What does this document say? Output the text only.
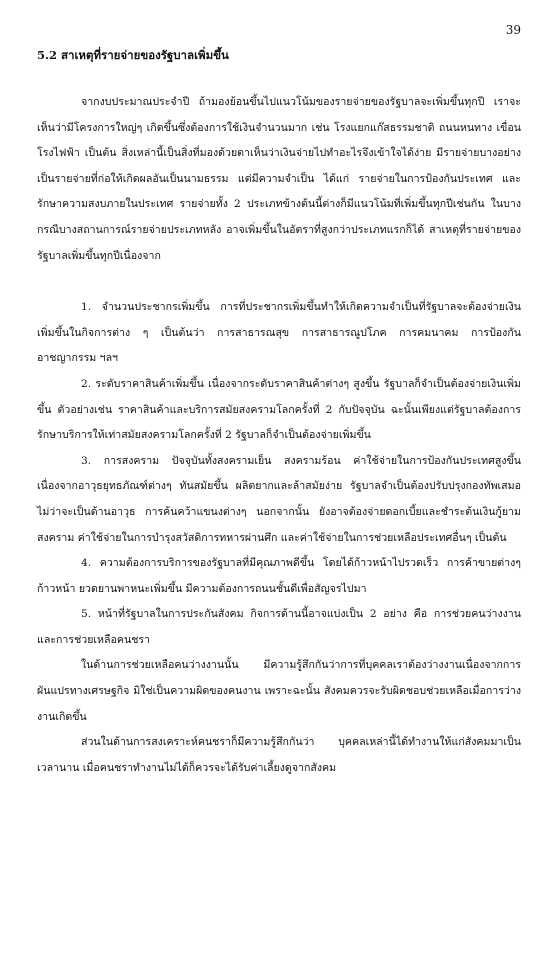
39
5.2 สาเหตุที่รายจ่ายของรัฐบาลเพิ่มขึ้น

จากงบประมาณประจำปี ถ้ามองย้อนขึ้นไปแนวโน้มของรายจ่ายของรัฐบาลจะเพิ่มขึ้นทุกปี เราจะเห็นว่ามีโครงการใหญ่ๆ เกิดขึ้นซึ่งต้องการใช้เงินจำนวนมาก เช่น โรงแยกแก๊สธรรมชาติ ถนนหนทาง เขื่อน โรงไฟฟ้า เป็นต้น สิ่งเหล่านี้เป็นสิ่งที่มองด้วยตาเห็นว่าเงินจ่ายไปทำอะไรจึงเข้าใจได้ง่าย มีรายจ่ายบางอย่างเป็นรายจ่ายที่ก่อให้เกิดผลอันเป็นนามธรรม แต่มีความจำเป็น ได้แก่ รายจ่ายในการป้องกันประเทศ และรักษาความสงบภายในประเทศ รายจ่ายทั้ง 2 ประเภทข้างต้นนี้ต่างก็มีแนวโน้มที่เพิ่มขึ้นทุกปีเช่นกัน ในบางกรณีบางสถานการณ์รายจ่ายประเภทหลัง อาจเพิ่มขึ้นในอัตราที่สูงกว่าประเภทแรกก็ได้ สาเหตุที่รายจ่ายของรัฐบาลเพิ่มขึ้นทุกปีเนื่องจาก

1. จำนวนประชากรเพิ่มขึ้น การที่ประชากรเพิ่มขึ้นทำให้เกิดความจำเป็นที่รัฐบาลจะต้องจ่ายเงินเพิ่มขึ้นในกิจการต่าง ๆ เป็นต้นว่า การสาธารณสุข การสาธารณูปโภค การคมนาคม การป้องกันอาชญากรรม ฯลฯ

2. ระดับราคาสินค้าเพิ่มขึ้น เนื่องจากระดับราคาสินค้าต่างๆ สูงขึ้น รัฐบาลก็จำเป็นต้องจ่ายเงินเพิ่มขึ้น ตัวอย่างเช่น ราคาสินค้าและบริการสมัยสงครามโลกครั้งที่ 2 กับปัจจุบัน ฉะนั้นเพียงแต่รัฐบาลต้องการรักษาบริการให้เท่าสมัยสงครามโลกครั้งที่ 2 รัฐบาลก็จำเป็นต้องจ่ายเพิ่มขึ้น

3. การสงคราม ปัจจุบันทั้งสงครามเย็น สงครามร้อน ค่าใช้จ่ายในการป้องกันประเทศสูงขึ้น เนื่องจากอาวุธยุทธภัณฑ์ต่างๆ ทันสมัยขึ้น ผลิตยากและล้าสมัยง่าย รัฐบาลจำเป็นต้องปรับปรุงกองทัพเสมอ ไม่ว่าจะเป็นด้านอาวุธ การค้นคว้าแขนงต่างๆ นอกจากนั้น ยังอาจต้องจ่ายดอกเบี้ยและชำระต้นเงินกู้ยามสงคราม ค่าใช้จ่ายในการบำรุงสวัสดิการทหารผ่านศึก และค่าใช้จ่ายในการช่วยเหลือประเทศอื่นๆ เป็นต้น

4. ความต้องการบริการของรัฐบาลที่มีคุณภาพดีขึ้น โดยได้ก้าวหน้าไปรวดเร็ว การค้าขายต่างๆ ก้าวหน้า ยวดยานพาหนะเพิ่มขึ้น มีความต้องการถนนชั้นดีเพื่อสัญจรไปมา

5. หน้าที่รัฐบาลในการประกันสังคม กิจการด้านนี้อาจแบ่งเป็น 2 อย่าง คือ การช่วยคนว่างงาน และการช่วยเหลือคนชรา

ในด้านการช่วยเหลือคนว่างงานนั้น มีความรู้สึกกันว่าการที่บุคคลเราต้องว่างงานเนื่องจากการผันแปรทางเศรษฐกิจ มิใช่เป็นความผิดของคนงาน เพราะฉะนั้น สังคมควรจะรับผิดชอบช่วยเหลือเมื่อการว่างงานเกิดขึ้น

ส่วนในด้านการสงเคราะห์คนชราก็มีความรู้สึกกันว่า บุคคลเหล่านี้ได้ทำงานให้แก่สังคมมาเป็นเวลานาน เมื่อคนชราทำงานไม่ได้ก็ควรจะได้รับค่าเลี้ยงดูจากสังคม
